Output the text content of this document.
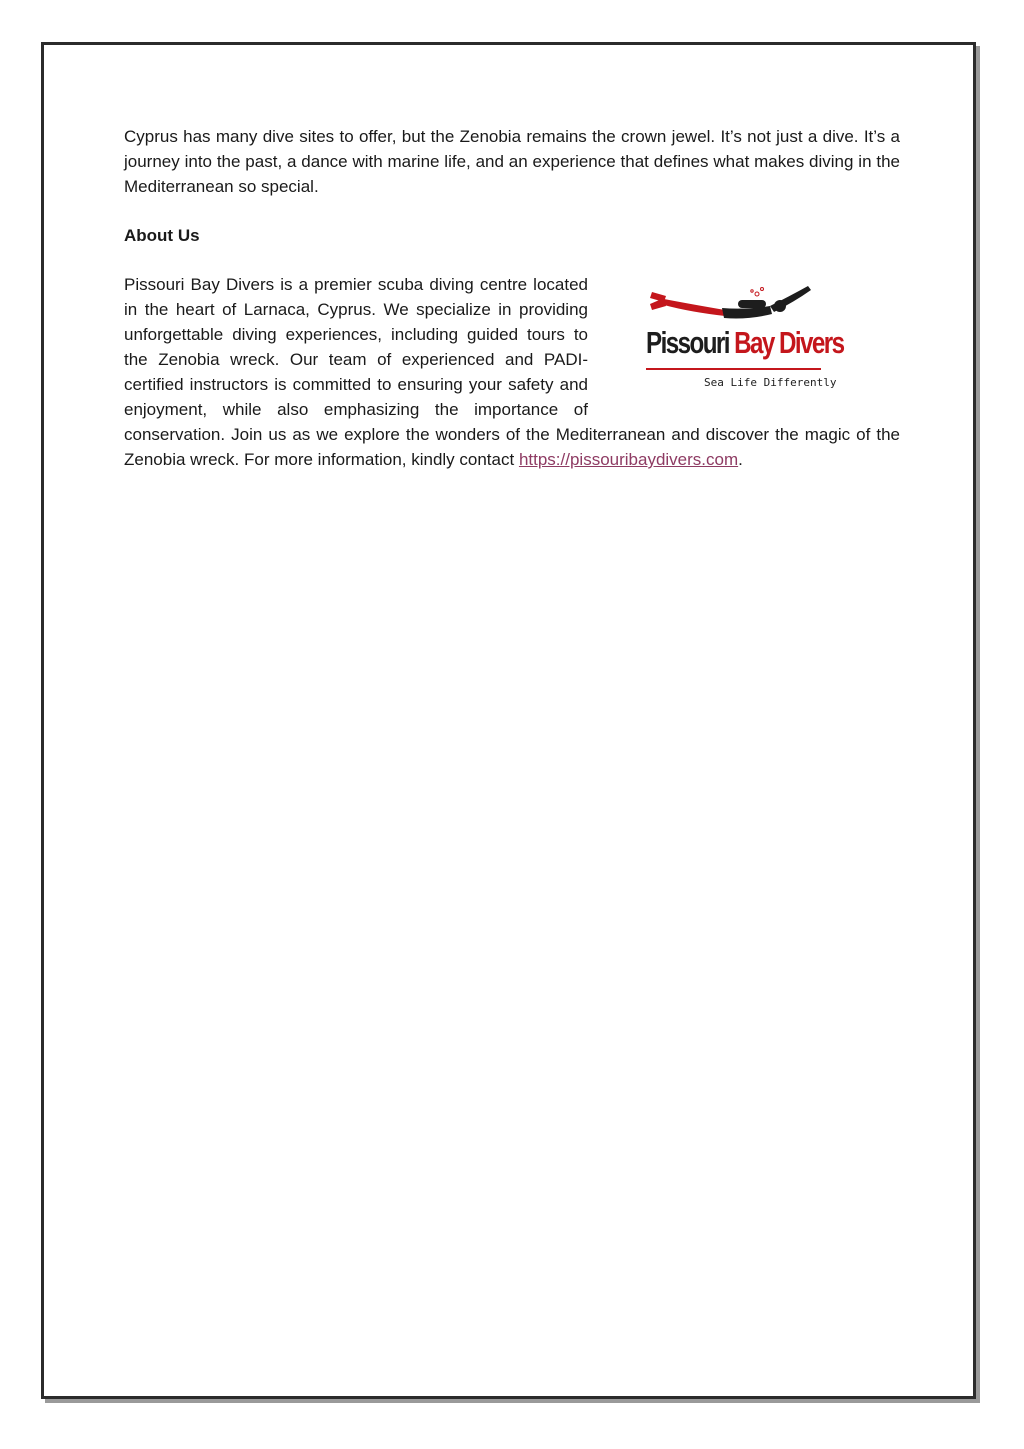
Cyprus has many dive sites to offer, but the Zenobia remains the crown jewel. It’s not just a dive. It’s a journey into the past, a dance with marine life, and an experience that defines what makes diving in the Mediterranean so special.

About Us

Pissouri Bay Divers
Sea Life Differently

Pissouri Bay Divers is a premier scuba diving centre located in the heart of Larnaca, Cyprus. We specialize in providing unforgettable diving experiences, including guided tours to the Zenobia wreck. Our team of experienced and PADI-certified instructors is committed to ensuring your safety and enjoyment, while also emphasizing the importance of conservation. Join us as we explore the wonders of the Mediterranean and discover the magic of the Zenobia wreck. For more information, kindly contact https://pissouribaydivers.com.
